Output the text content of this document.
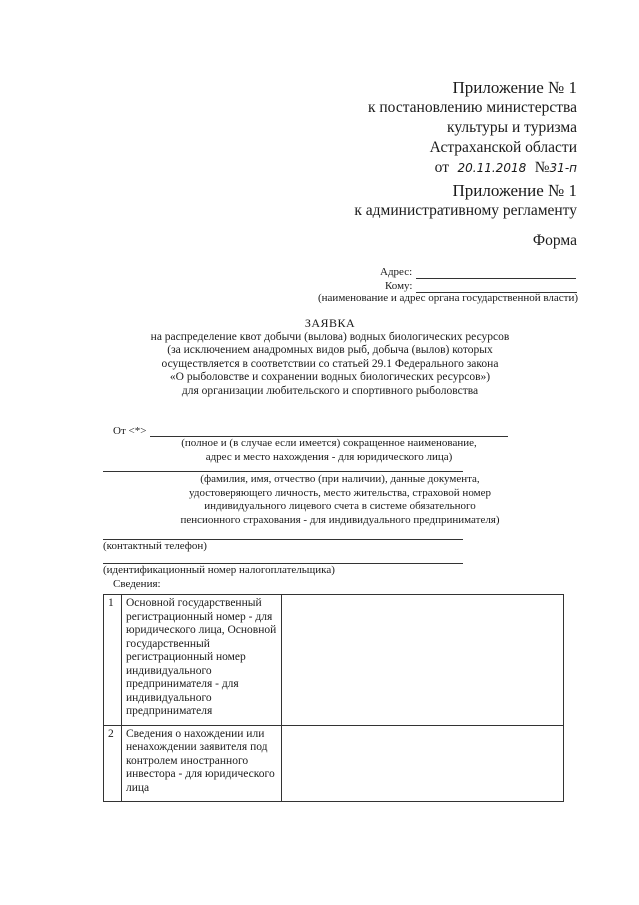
Приложение № 1
к постановлению министерства
культуры и туризма
Астраханской области
от 20.11.2018 №31-п
Приложение № 1
к административному регламенту
Форма
Адрес:
Кому:
(наименование и адрес органа государственной власти)
ЗАЯВКА
на распределение квот добычи (вылова) водных биологических ресурсов
(за исключением анадромных видов рыб, добыча (вылов) которых
осуществляется в соответствии со статьей 29.1 Федерального закона
«О рыболовстве и сохранении водных биологических ресурсов»)
для организации любительского и спортивного рыболовства
От <*>
(полное и (в случае если имеется) сокращенное наименование,
адрес и место нахождения - для юридического лица)
(фамилия, имя, отчество (при наличии), данные документа,
удостоверяющего личность, место жительства, страховой номер
индивидуального лицевого счета в системе обязательного
пенсионного страхования - для индивидуального предпринимателя)
(контактный телефон)
(идентификационный номер налогоплательщика)
Сведения:
1	Основной государственный регистрационный номер - для юридического лица, Основной государственный регистрационный номер индивидуального предпринимателя - для индивидуального предпринимателя	
2	Сведения о нахождении или ненахождении заявителя под контролем иностранного инвестора - для юридического лица	
